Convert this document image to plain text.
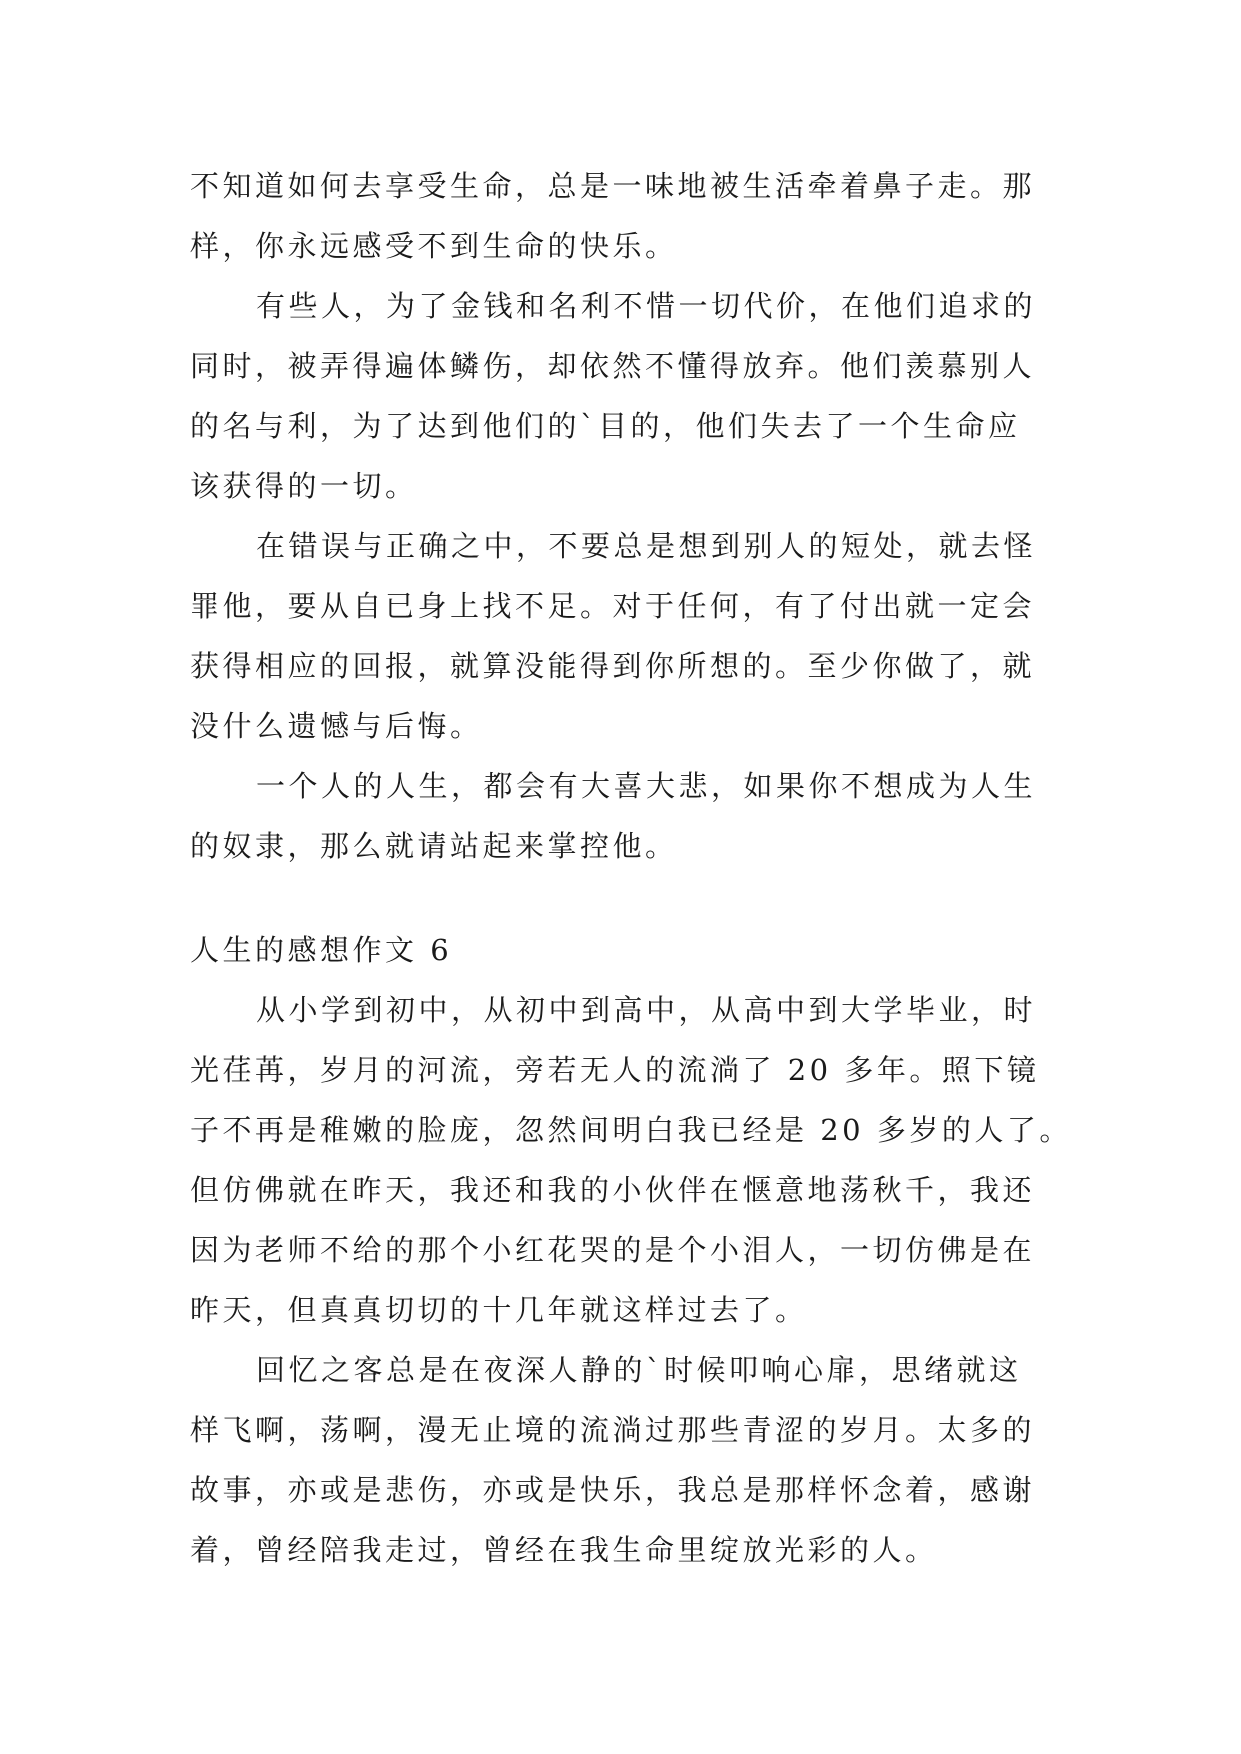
不知道如何去享受生命，总是一味地被生活牵着鼻子走。那
样，你永远感受不到生命的快乐。
有些人，为了金钱和名利不惜一切代价，在他们追求的
同时，被弄得遍体鳞伤，却依然不懂得放弃。他们羡慕别人
的名与利，为了达到他们的`目的，他们失去了一个生命应
该获得的一切。
在错误与正确之中，不要总是想到别人的短处，就去怪
罪他，要从自已身上找不足。对于任何，有了付出就一定会
获得相应的回报，就算没能得到你所想的。至少你做了，就
没什么遗憾与后悔。
一个人的人生，都会有大喜大悲，如果你不想成为人生
的奴隶，那么就请站起来掌控他。
人生的感想作文 6
从小学到初中，从初中到高中，从高中到大学毕业，时
光荏苒，岁月的河流，旁若无人的流淌了 20 多年。照下镜
子不再是稚嫩的脸庞，忽然间明白我已经是 20 多岁的人了。
但仿佛就在昨天，我还和我的小伙伴在惬意地荡秋千，我还
因为老师不给的那个小红花哭的是个小泪人，一切仿佛是在
昨天，但真真切切的十几年就这样过去了。
回忆之客总是在夜深人静的`时候叩响心扉，思绪就这
样飞啊，荡啊，漫无止境的流淌过那些青涩的岁月。太多的
故事，亦或是悲伤，亦或是快乐，我总是那样怀念着，感谢
着，曾经陪我走过，曾经在我生命里绽放光彩的人。
